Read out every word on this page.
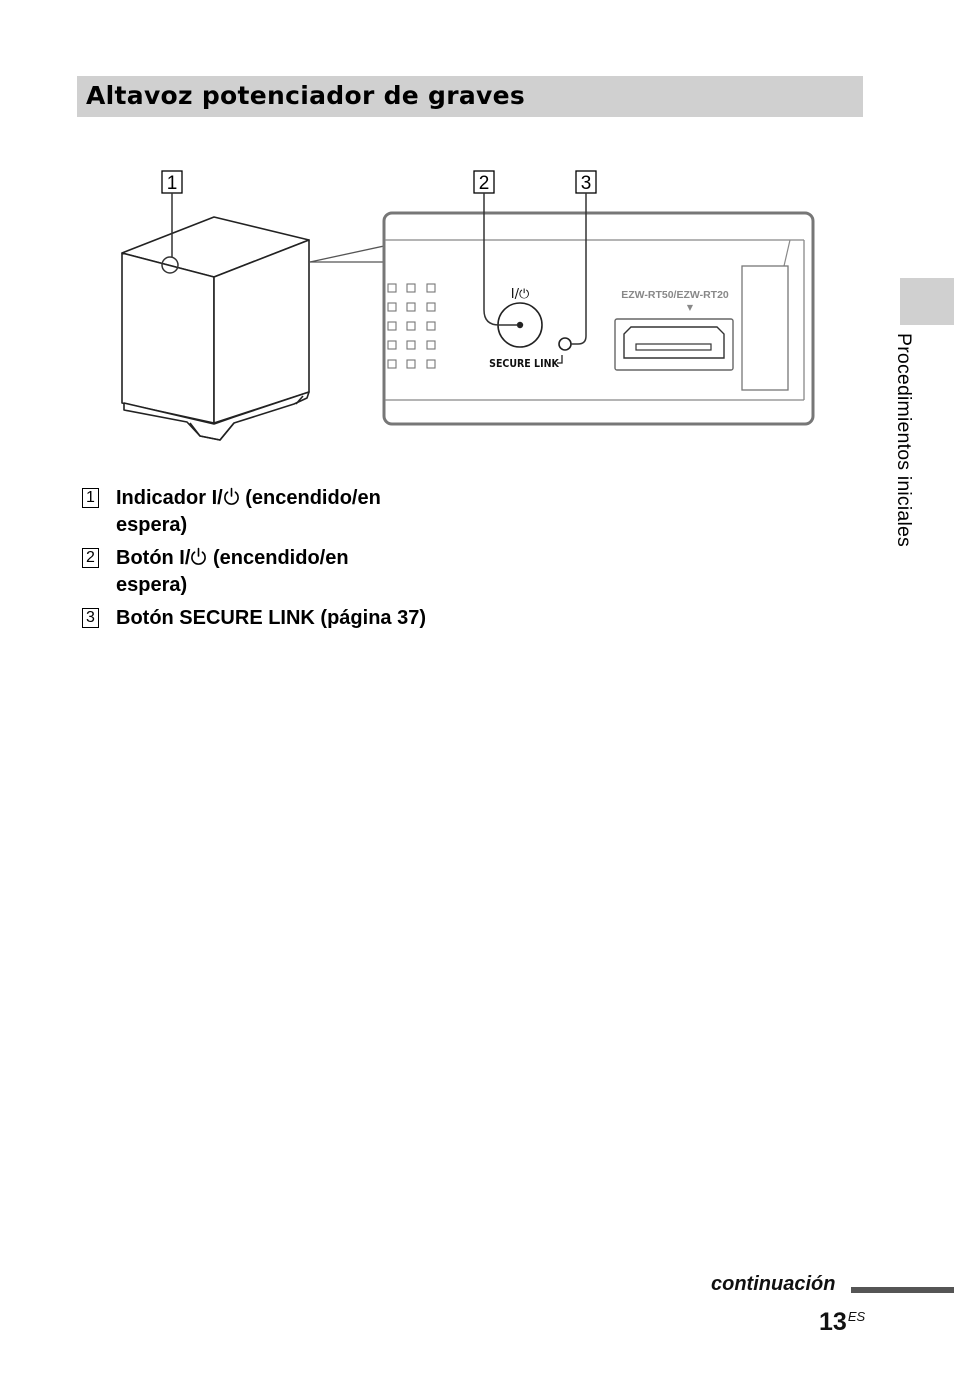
Altavoz potenciador de graves
Procedimientos iniciales
1	2	3
I/⏻
SECURE LINK
EZW-RT50/EZW-RT20
▼
1 Indicador I/ (encendido/en
espera)
2 Botón I/ (encendido/en
espera)
3 Botón SECURE LINK (página 37)
continuación
$13^{ES}$
